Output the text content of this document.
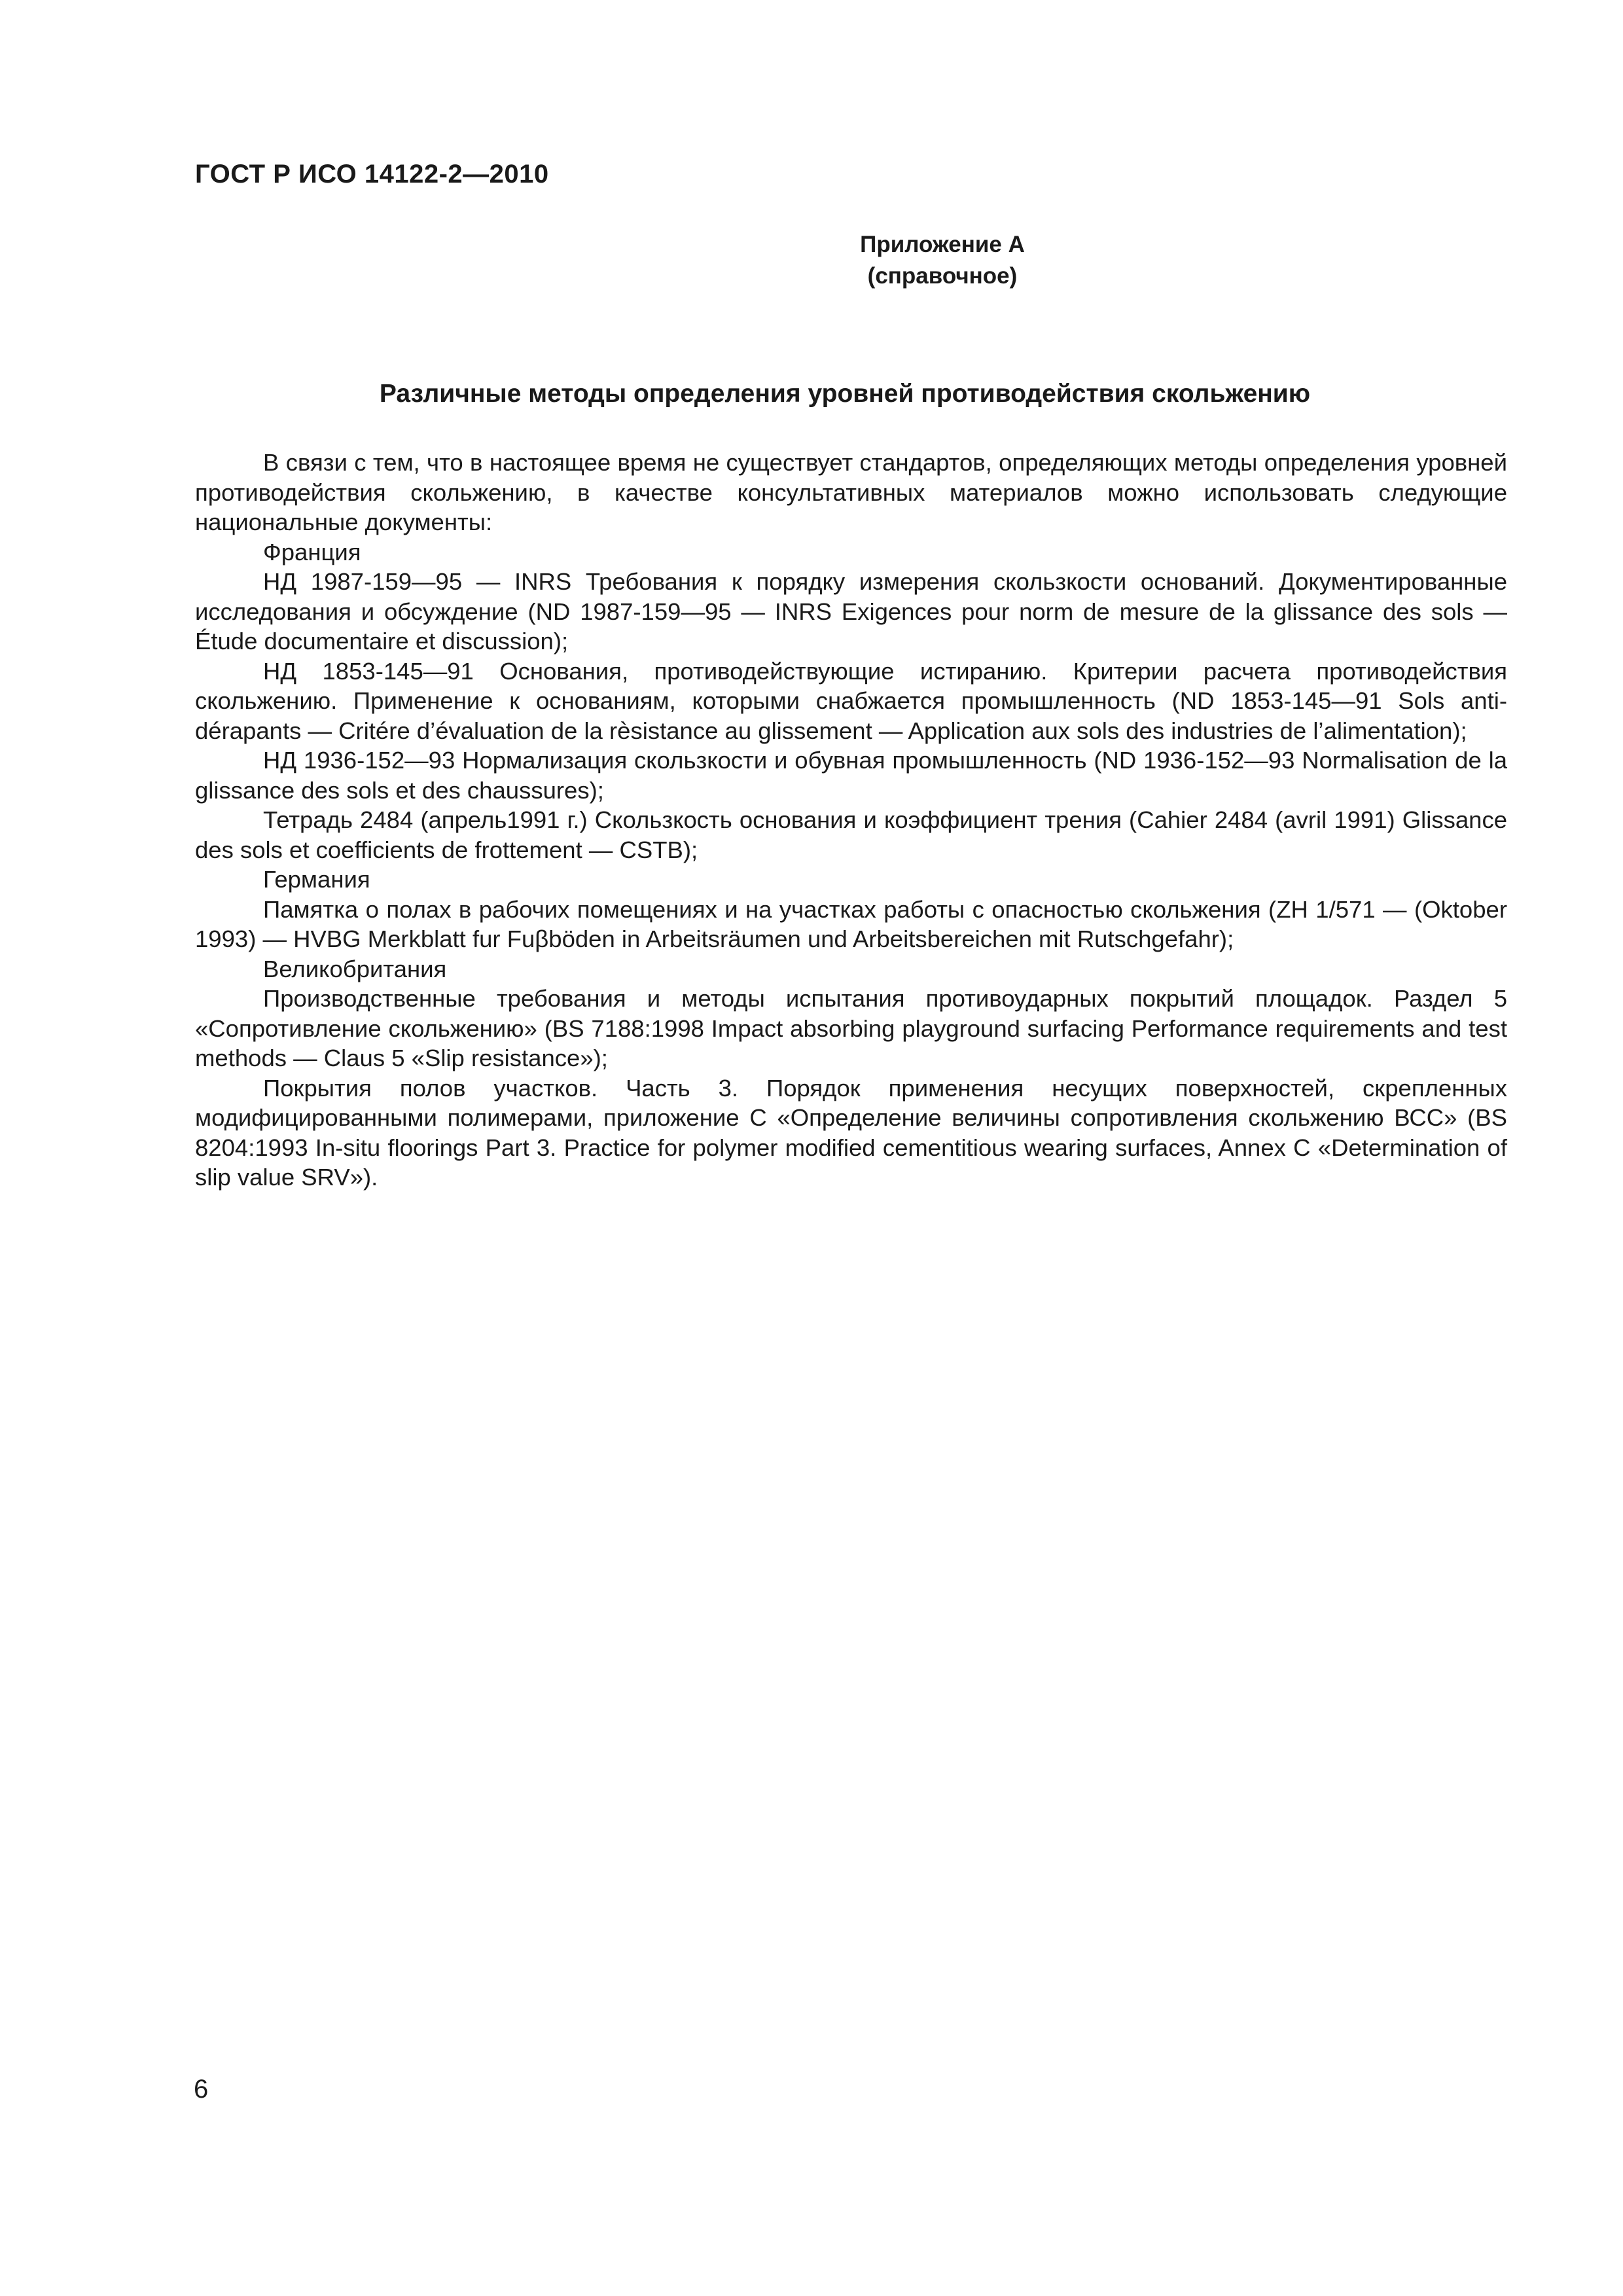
ГОСТ Р ИСО 14122-2—2010
Приложение А
(справочное)
Различные методы определения уровней противодействия скольжению

В связи с тем, что в настоящее время не существует стандартов, определяющих методы определения уровней противодействия скольжению, в качестве консультативных материалов можно использовать следующие национальные документы:

Франция

НД 1987-159—95 — INRS Требования к порядку измерения скользкости оснований. Документированные исследования и обсуждение (ND 1987-159—95 — INRS Exigences pour norm de mesure de la glissance des sols — Étude documentaire et discussion);

НД 1853-145—91 Основания, противодействующие истиранию. Критерии расчета противодействия скольжению. Применение к основаниям, которыми снабжается промышленность (ND 1853-145—91 Sols anti-dérapants — Critére d’évaluation de la rèsistance au glissement — Application aux sols des industries de l’alimentation);

НД 1936-152—93 Нормализация скользкости и обувная промышленность (ND 1936-152—93 Normalisation de la glissance des sols et des chaussures);

Тетрадь 2484 (апрель1991 г.) Скользкость основания и коэффициент трения (Cahier 2484 (avril 1991) Glissance des sols et coefficients de frottement — CSTB);

Германия

Памятка о полах в рабочих помещениях и на участках работы с опасностью скольжения (ZH 1/571 — (Oktober 1993) — HVBG Merkblatt fur Fuβböden in Arbeitsräumen und Arbeitsbereichen mit Rutschgefahr);

Великобритания

Производственные требования и методы испытания противоударных покрытий площадок. Раздел 5 «Сопротивление скольжению» (BS 7188:1998 Impact absorbing playground surfacing Performance requirements and test methods — Claus 5 «Slip resistance»);

Покрытия полов участков. Часть 3. Порядок применения несущих поверхностей, скрепленных модифицированными полимерами, приложение С «Определение величины сопротивления скольжению ВСС» (BS 8204:1993 In-situ floorings Part 3. Practice for polymer modified cementitious wearing surfaces, Annex C «Determination of slip value SRV»).

6
